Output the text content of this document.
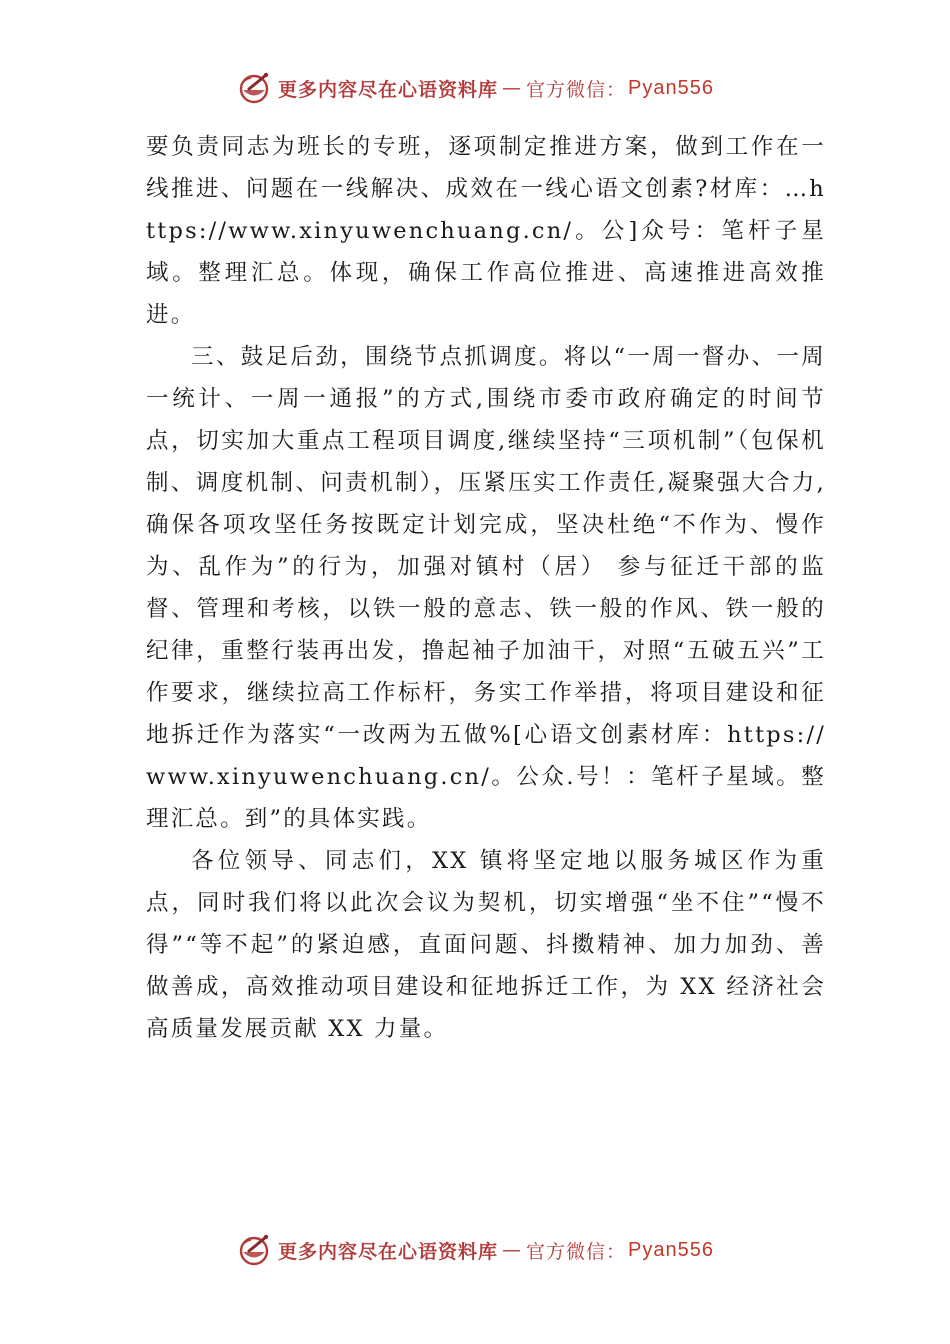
更多内容尽在心语资料库 — 官方微信： Pyan556

要负责同志为班长的专班，逐项制定推进方案，做到工作在一线推进、问题在一线解决、成效在一线心语文创素?材库：…https://www.xinyuwenchuang.cn/。公]众号：笔杆子星域。整理汇总。体现，确保工作高位推进、高速推进高效推进。

三、鼓足后劲，围绕节点抓调度。将以“一周一督办、一周一统计、一周一通报”的方式,围绕市委市政府确定的时间节点，切实加大重点工程项目调度,继续坚持“三项机制”（包保机制、调度机制、问责机制），压紧压实工作责任,凝聚强大合力,确保各项攻坚任务按既定计划完成，坚决杜绝“不作为、慢作为、乱作为”的行为，加强对镇村（居） 参与征迁干部的监督、管理和考核，以铁一般的意志、铁一般的作风、铁一般的纪律，重整行装再出发，撸起袖子加油干，对照“五破五兴”工作要求，继续拉高工作标杆，务实工作举措，将项目建设和征地拆迁作为落实“一改两为五做%[心语文创素材库：https://www.xinyuwenchuang.cn/。公众.号！：笔杆子星域。整理汇总。到”的具体实践。

各位领导、同志们，XX 镇将坚定地以服务城区作为重点，同时我们将以此次会议为契机，切实增强“坐不住”“慢不得”“等不起”的紧迫感，直面问题、抖擞精神、加力加劲、善做善成，高效推动项目建设和征地拆迁工作，为 XX 经济社会高质量发展贡献 XX 力量。

更多内容尽在心语资料库 — 官方微信： Pyan556
